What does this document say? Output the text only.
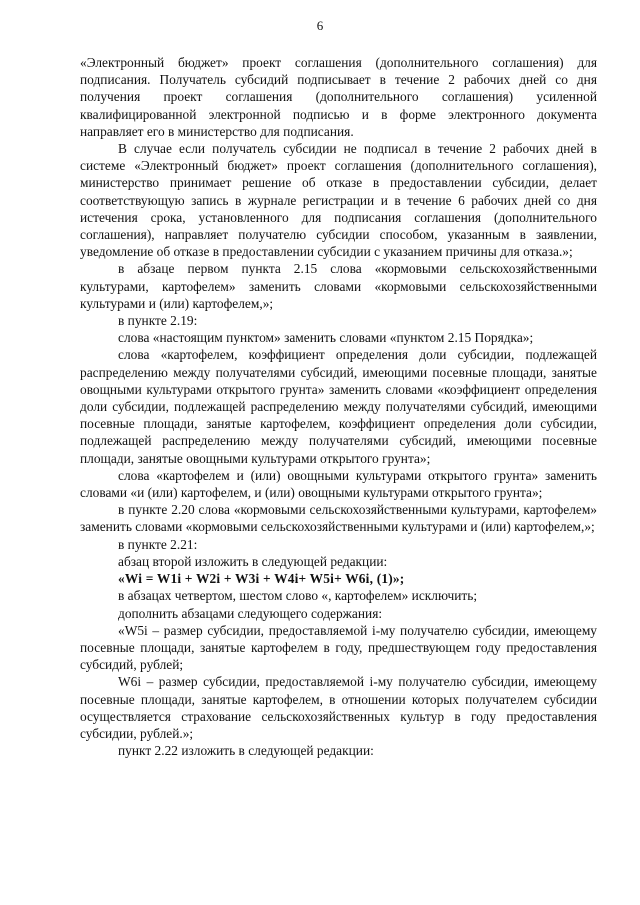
6

«Электронный бюджет» проект соглашения (дополнительного соглашения) для подписания. Получатель субсидий подписывает в течение 2 рабочих дней со дня получения проект соглашения (дополнительного соглашения) усиленной квалифицированной электронной подписью и в форме электронного документа направляет его в министерство для подписания.

В случае если получатель субсидии не подписал в течение 2 рабочих дней в системе «Электронный бюджет» проект соглашения (дополнительного соглашения), министерство принимает решение об отказе в предоставлении субсидии, делает соответствующую запись в журнале регистрации и в течение 6 рабочих дней со дня истечения срока, установленного для подписания соглашения (дополнительного соглашения), направляет получателю субсидии способом, указанным в заявлении, уведомление об отказе в предоставлении субсидии с указанием причины для отказа.»;

в абзаце первом пункта 2.15 слова «кормовыми сельскохозяйственными культурами, картофелем» заменить словами «кормовыми сельскохозяйственными культурами и (или) картофелем,»;

в пункте 2.19:

слова «настоящим пунктом» заменить словами «пунктом 2.15 Порядка»;

слова «картофелем, коэффициент определения доли субсидии, подлежащей распределению между получателями субсидий, имеющими посевные площади, занятые овощными культурами открытого грунта» заменить словами «коэффициент определения доли субсидии, подлежащей распределению между получателями субсидий, имеющими посевные площади, занятые картофелем, коэффициент определения доли субсидии, подлежащей распределению между получателями субсидий, имеющими посевные площади, занятые овощными культурами открытого грунта»;

слова «картофелем и (или) овощными культурами открытого грунта» заменить словами «и (или) картофелем, и (или) овощными культурами открытого грунта»;

в пункте 2.20 слова «кормовыми сельскохозяйственными культурами, картофелем» заменить словами «кормовыми сельскохозяйственными культурами и (или) картофелем,»;

в пункте 2.21:

абзац второй изложить в следующей редакции:

«Wi = W1i + W2i + W3i + W4i+ W5i+ W6i, (1)»;

в абзацах четвертом, шестом слово «, картофелем» исключить;

дополнить абзацами следующего содержания:

«W5i – размер субсидии, предоставляемой i-му получателю субсидии, имеющему посевные площади, занятые картофелем в году, предшествующем году предоставления субсидий, рублей;

W6i – размер субсидии, предоставляемой i-му получателю субсидии, имеющему посевные площади, занятые картофелем, в отношении которых получателем субсидии осуществляется страхование сельскохозяйственных культур в году предоставления субсидии, рублей.»;

пункт 2.22 изложить в следующей редакции:
